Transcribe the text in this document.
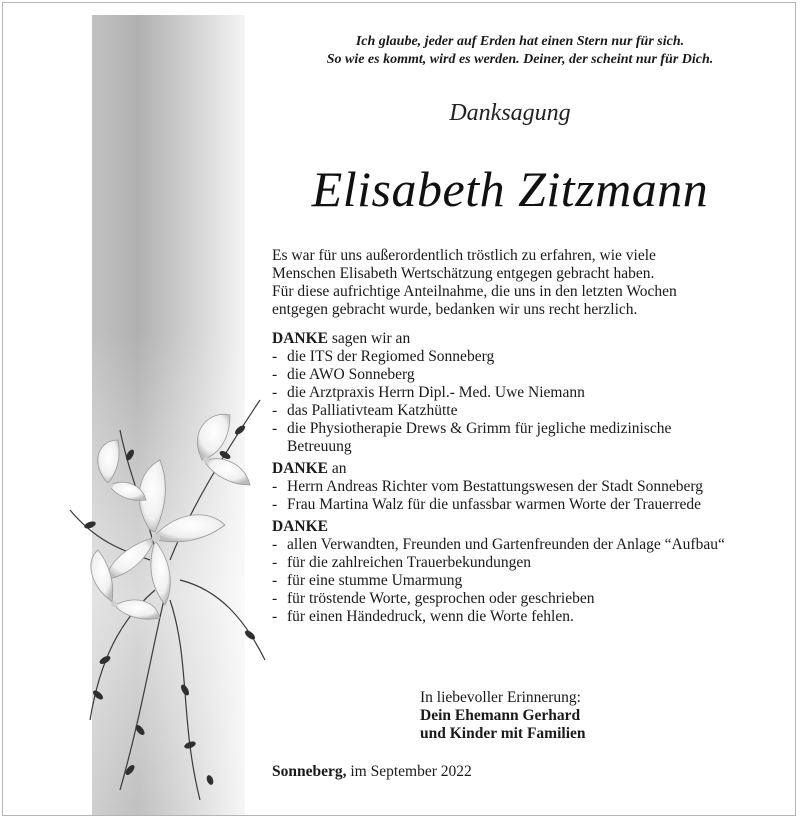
Ich glaube, jeder auf Erden hat einen Stern nur für sich.
So wie es kommt, wird es werden. Deiner, der scheint nur für Dich.
Danksagung
Elisabeth Zitzmann
Es war für uns außerordentlich tröstlich zu erfahren, wie viele
Menschen Elisabeth Wertschätzung entgegen gebracht haben.
Für diese aufrichtige Anteilnahme, die uns in den letzten Wochen
entgegen gebracht wurde, bedanken wir uns recht herzlich.
DANKE sagen wir an
- die ITS der Regiomed Sonneberg
- die AWO Sonneberg
- die Arztpraxis Herrn Dipl.- Med. Uwe Niemann
- das Palliativteam Katzhütte
- die Physiotherapie Drews & Grimm für jegliche medizinische
Betreuung
DANKE an
- Herrn Andreas Richter vom Bestattungswesen der Stadt Sonneberg
- Frau Martina Walz für die unfassbar warmen Worte der Trauerrede
DANKE
- allen Verwandten, Freunden und Gartenfreunden der Anlage “Aufbau“
- für die zahlreichen Trauerbekundungen
- für eine stumme Umarmung
- für tröstende Worte, gesprochen oder geschrieben
- für einen Händedruck, wenn die Worte fehlen.
In liebevoller Erinnerung:
Dein Ehemann Gerhard
und Kinder mit Familien
Sonneberg, im September 2022
